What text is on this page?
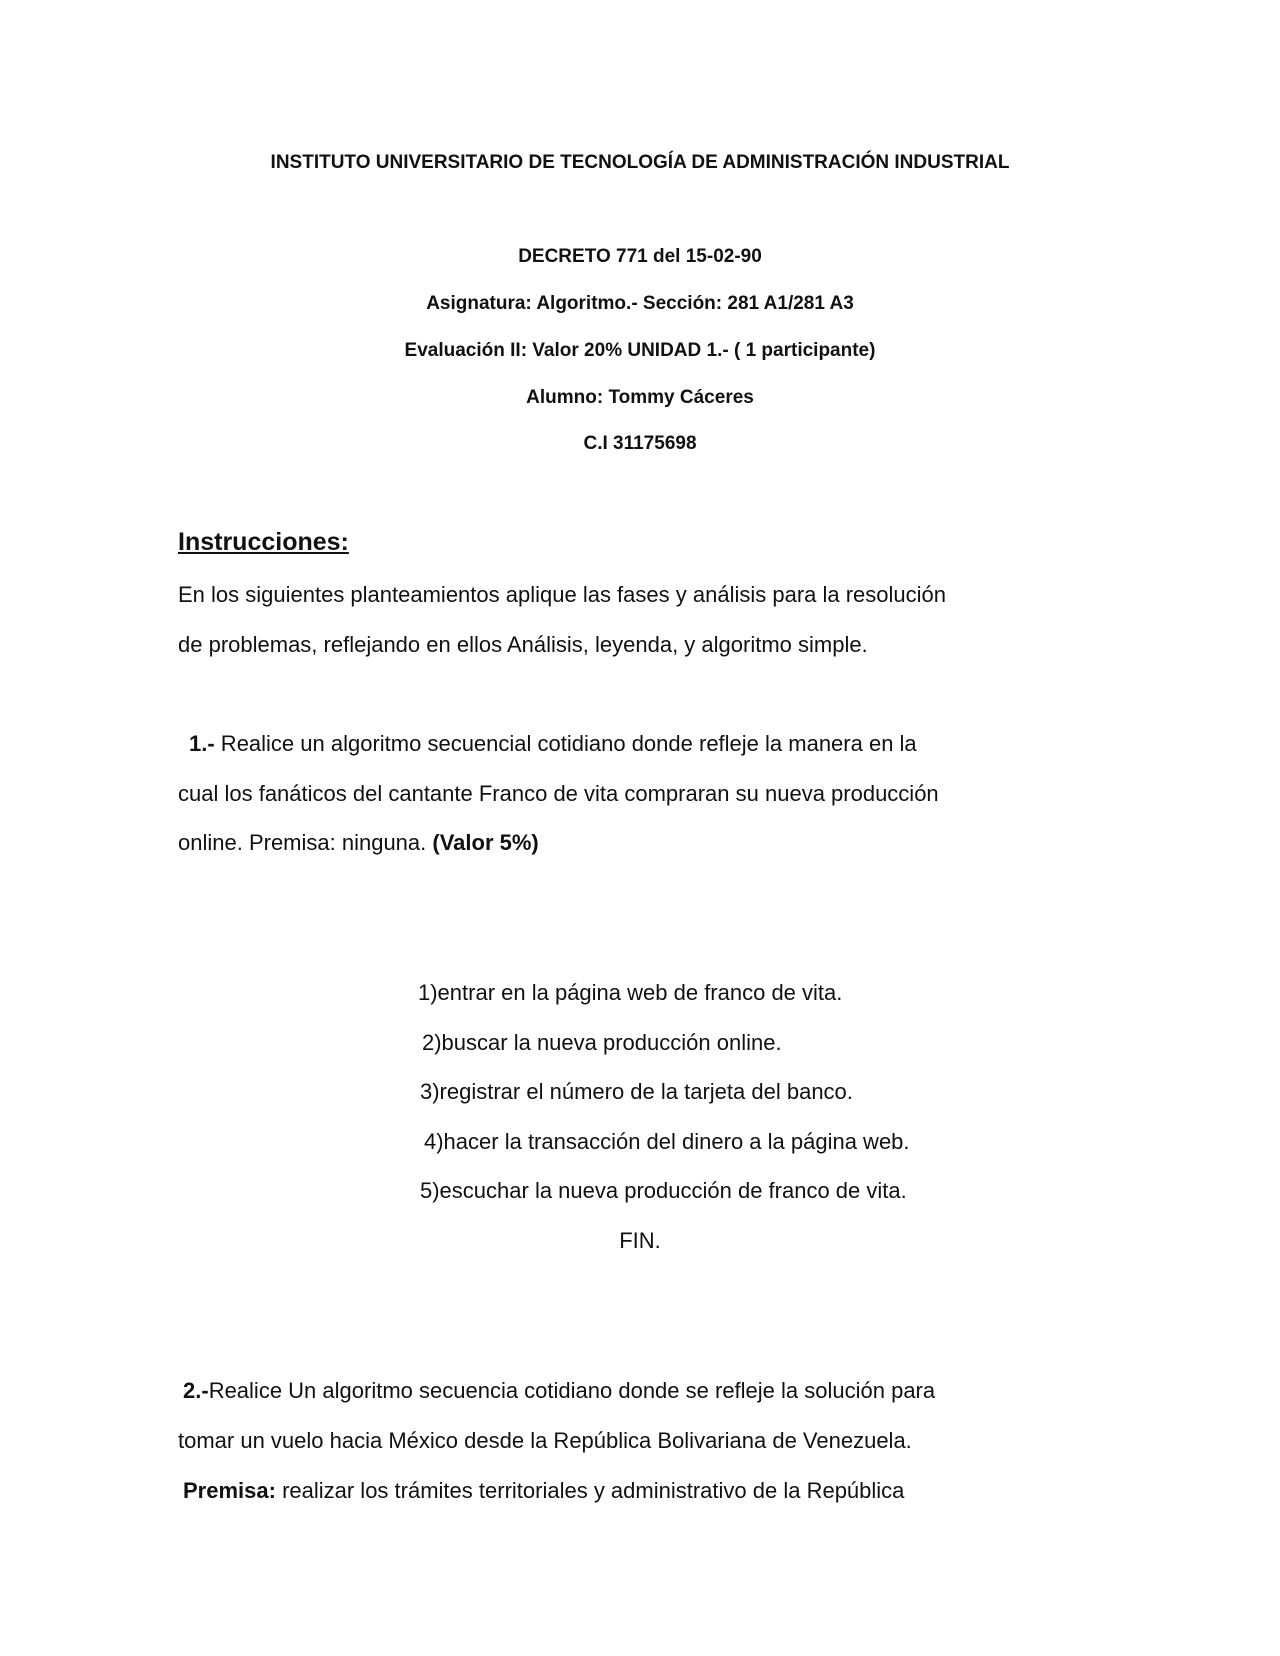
INSTITUTO UNIVERSITARIO DE TECNOLOGÍA DE ADMINISTRACIÓN INDUSTRIAL
DECRETO 771 del 15-02-90
Asignatura: Algoritmo.- Sección: 281 A1/281 A3
Evaluación II: Valor 20% UNIDAD 1.- ( 1 participante)
Alumno: Tommy Cáceres
C.I 31175698
Instrucciones:
En los siguientes planteamientos aplique las fases y análisis para la resolución
de problemas, reflejando en ellos Análisis, leyenda, y algoritmo simple.
1.- Realice un algoritmo secuencial cotidiano donde refleje la manera en la
cual los fanáticos del cantante Franco de vita compraran su nueva producción
online. Premisa: ninguna. (Valor 5%)
1)entrar en la página web de franco de vita.
2)buscar la nueva producción online.
3)registrar el número de la tarjeta del banco.
4)hacer la transacción del dinero a la página web.
5)escuchar la nueva producción de franco de vita.
FIN.
2.-Realice Un algoritmo secuencia cotidiano donde se refleje la solución para
tomar un vuelo hacia México desde la República Bolivariana de Venezuela.
Premisa: realizar los trámites territoriales y administrativo de la República
